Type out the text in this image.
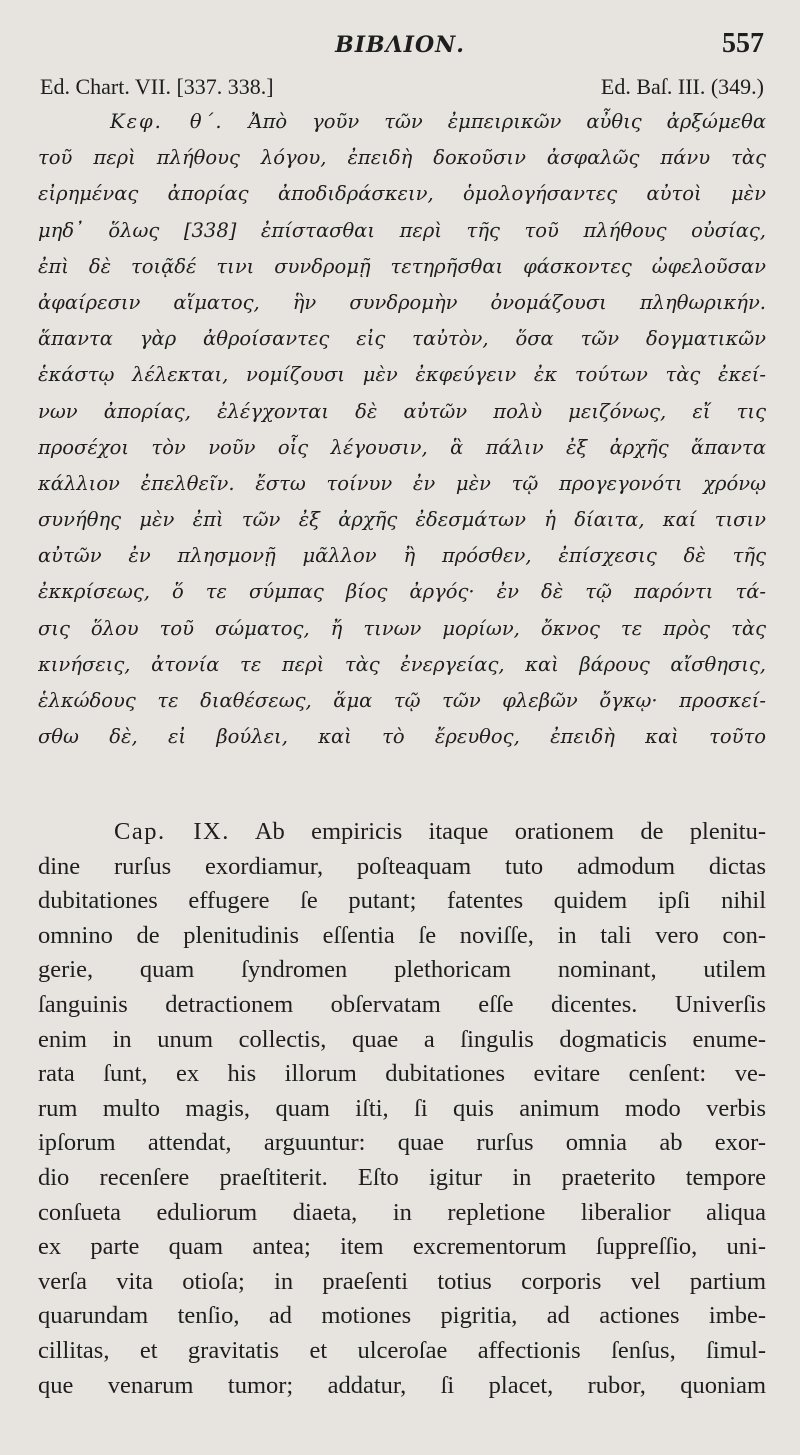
ΒΙΒΛΙΟΝ.	557
Ed. Chart. VII. [337. 338.]	Ed. Baſ. III. (349.)
Κεφ. θ΄. Ἀπὸ γοῦν τῶν ἐμπειρικῶν αὖθις ἀρξώμεθα
τοῦ περὶ πλήθους λόγου, ἐπειδὴ δοκοῦσιν ἀσφαλῶς πάνυ τὰς
εἰρημένας ἀπορίας ἀποδιδράσκειν, ὁμολογήσαντες αὐτοὶ μὲν
μηδ᾽ ὅλως [338] ἐπίστασθαι περὶ τῆς τοῦ πλήθους οὐσίας,
ἐπὶ δὲ τοιᾷδέ τινι συνδρομῇ τετηρῆσθαι φάσκοντες ὠφελοῦσαν
ἀφαίρεσιν αἵματος, ἣν συνδρομὴν ὀνομάζουσι πληθωρικήν.
ἅπαντα γὰρ ἀθροίσαντες εἰς ταὐτὸν, ὅσα τῶν δογματικῶν
ἑκάστῳ λέλεκται, νομίζουσι μὲν ἐκφεύγειν ἐκ τούτων τὰς ἐκεί-
νων ἀπορίας, ἐλέγχονται δὲ αὐτῶν πολὺ μειζόνως, εἴ τις
προσέχοι τὸν νοῦν οἷς λέγουσιν, ἃ πάλιν ἐξ ἀρχῆς ἅπαντα
κάλλιον ἐπελθεῖν. ἔστω τοίνυν ἐν μὲν τῷ προγεγονότι χρόνῳ
συνήθης μὲν ἐπὶ τῶν ἐξ ἀρχῆς ἐδεσμάτων ἡ δίαιτα, καί τισιν
αὐτῶν ἐν πλησμονῇ μᾶλλον ἢ πρόσθεν, ἐπίσχεσις δὲ τῆς
ἐκκρίσεως, ὅ τε σύμπας βίος ἀργός· ἐν δὲ τῷ παρόντι τά-
σις ὅλου τοῦ σώματος, ἤ τινων μορίων, ὄκνος τε πρὸς τὰς
κινήσεις, ἀτονία τε περὶ τὰς ἐνεργείας, καὶ βάρους αἴσθησις,
ἑλκώδους τε διαθέσεως, ἅμα τῷ τῶν φλεβῶν ὄγκῳ· προσκεί-
σθω δὲ, εἰ βούλει, καὶ τὸ ἔρευθος, ἐπειδὴ καὶ τοῦτο
Cap. IX. Ab empiricis itaque orationem de plenitu-
dine rurſus exordiamur, poſteaquam tuto admodum dictas
dubitationes effugere ſe putant; fatentes quidem ipſi nihil
omnino de plenitudinis eſſentia ſe noviſſe, in tali vero con-
gerie, quam ſyndromen plethoricam nominant, utilem
ſanguinis detractionem obſervatam eſſe dicentes. Univerſis
enim in unum collectis, quae a ſingulis dogmaticis enume-
rata ſunt, ex his illorum dubitationes evitare cenſent: ve-
rum multo magis, quam iſti, ſi quis animum modo verbis
ipſorum attendat, arguuntur: quae rurſus omnia ab exor-
dio recenſere praeſtiterit. Eſto igitur in praeterito tempore
conſueta eduliorum diaeta, in repletione liberalior aliqua
ex parte quam antea; item excrementorum ſuppreſſio, uni-
verſa vita otioſa; in praeſenti totius corporis vel partium
quarundam tenſio, ad motiones pigritia, ad actiones imbe-
cillitas, et gravitatis et ulceroſae affectionis ſenſus, ſimul-
que venarum tumor; addatur, ſi placet, rubor, quoniam
